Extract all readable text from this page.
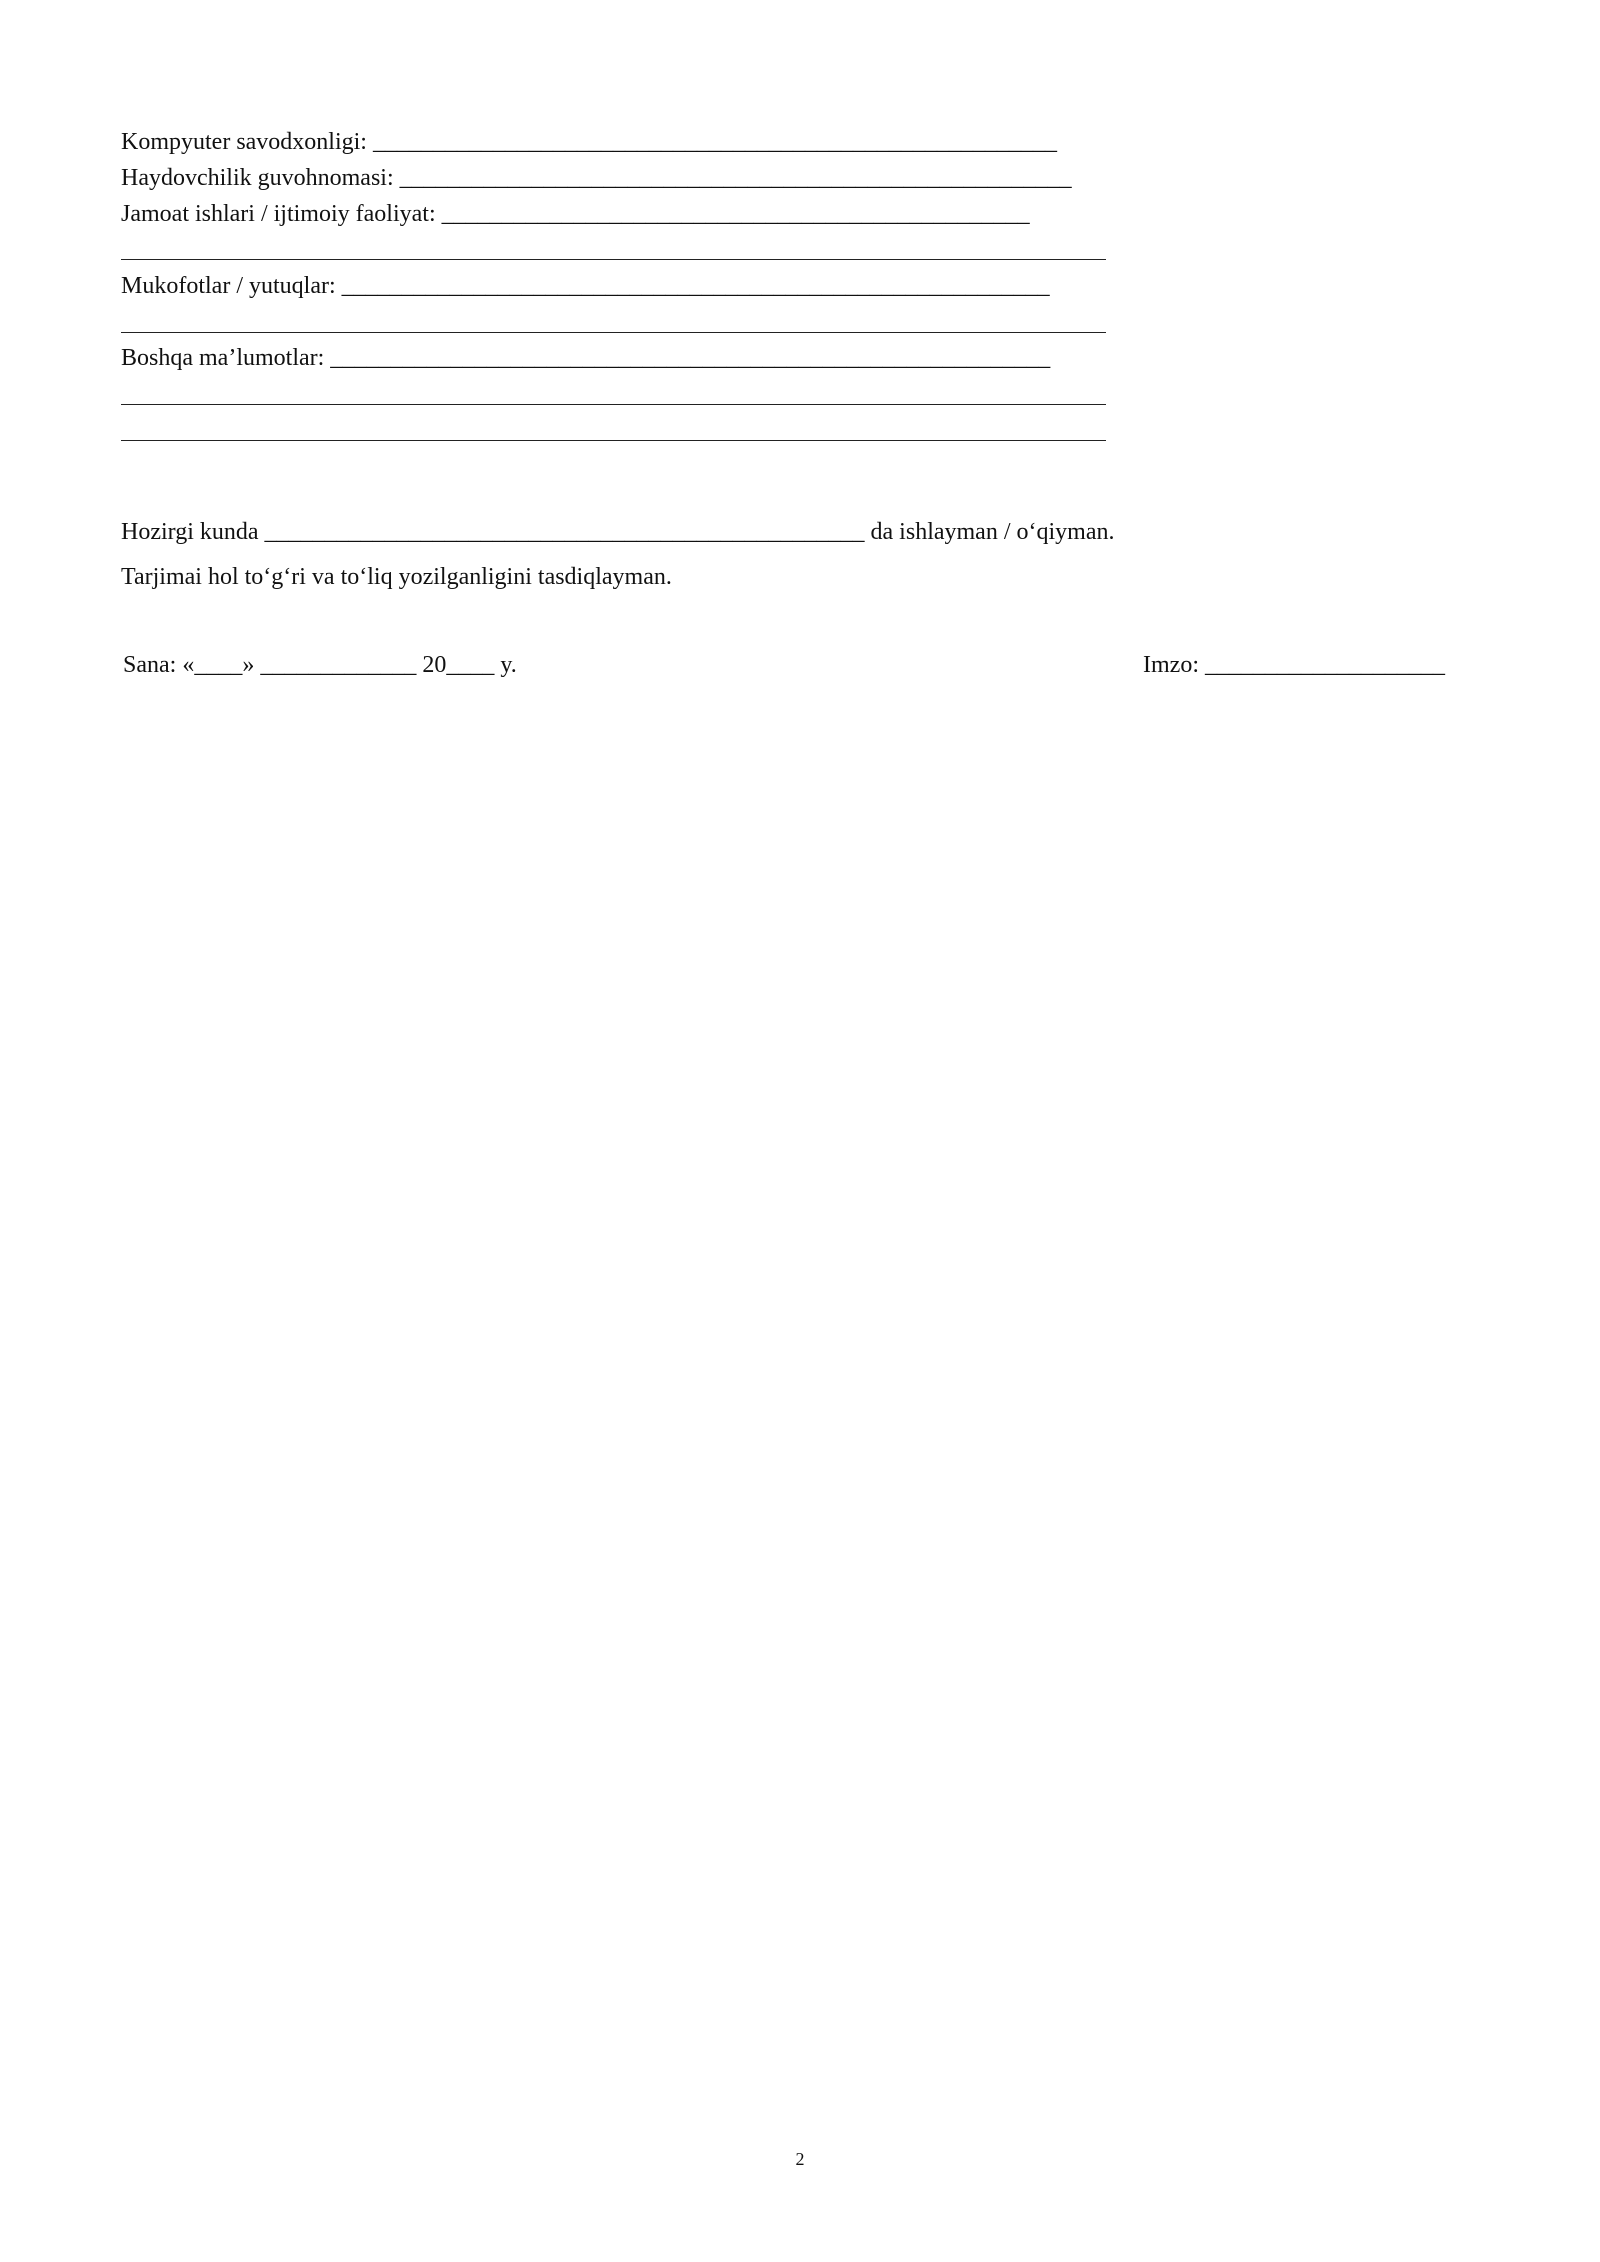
Kompyuter savodxonligi: _________________________________________________________
Haydovchilik guvohnomasi: ________________________________________________________
Jamoat ishlari / ijtimoiy faoliyat: _________________________________________________
Mukofotlar / yutuqlar: ___________________________________________________________
Boshqa ma’lumotlar: ____________________________________________________________
Hozirgi kunda __________________________________________________ da ishlayman / o‘qiyman.
Tarjimai hol to‘g‘ri va to‘liq yozilganligini tasdiqlayman.
Sana: «____» _____________ 20____ y.	Imzo: ____________________
2
